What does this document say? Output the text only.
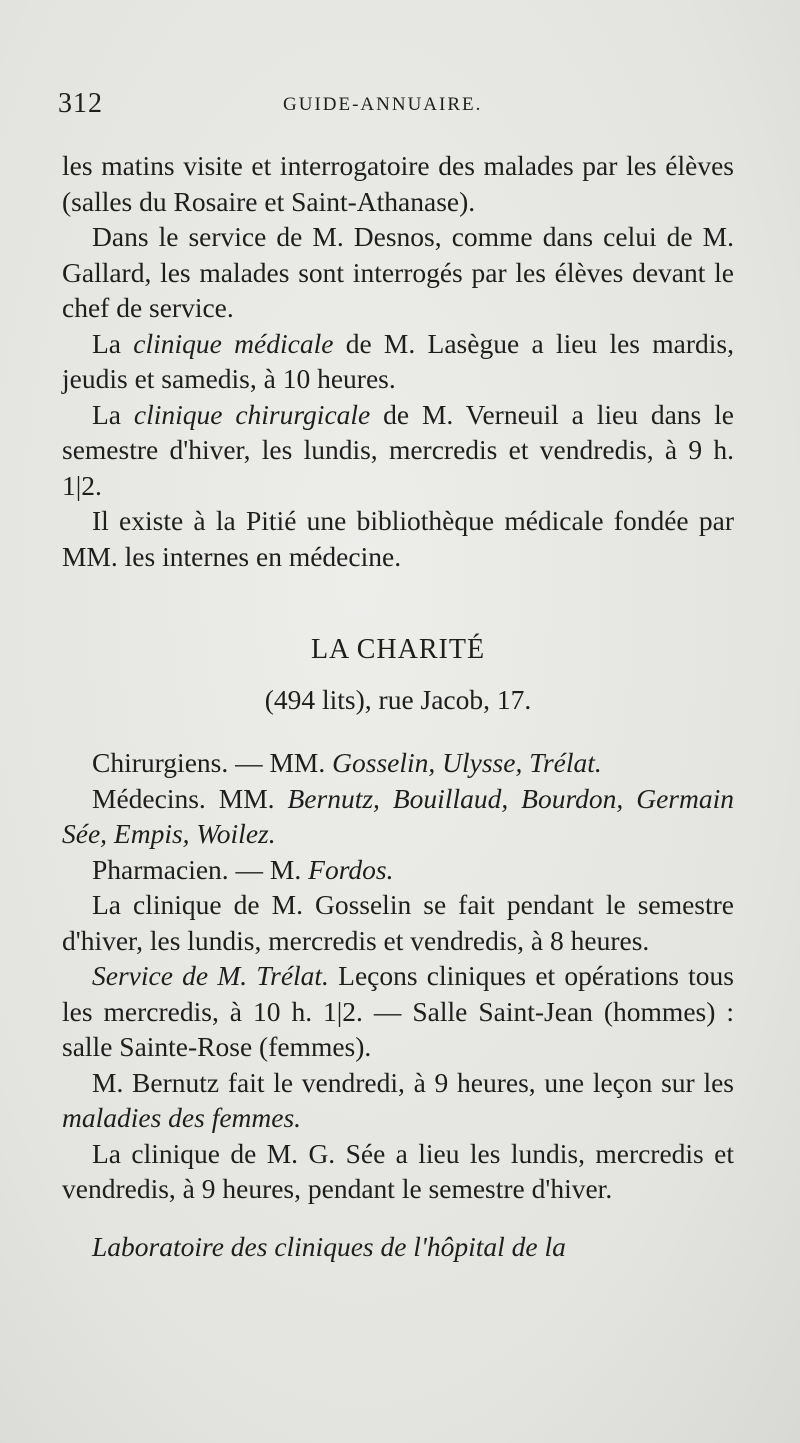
312	GUIDE-ANNUAIRE.

les matins visite et interrogatoire des malades par les élèves (salles du Rosaire et Saint-Athanase).

Dans le service de M. Desnos, comme dans celui de M. Gallard, les malades sont interrogés par les élèves devant le chef de service.

La clinique médicale de M. Lasègue a lieu les mardis, jeudis et samedis, à 10 heures.

La clinique chirurgicale de M. Verneuil a lieu dans le semestre d'hiver, les lundis, mercredis et vendredis, à 9 h. 1|2.

Il existe à la Pitié une bibliothèque médicale fondée par MM. les internes en médecine.

LA CHARITÉ
(494 lits), rue Jacob, 17.

Chirurgiens. — MM. Gosselin, Ulysse, Trélat.

Médecins. MM. Bernutz, Bouillaud, Bourdon, Germain Sée, Empis, Woilez.

Pharmacien. — M. Fordos.

La clinique de M. Gosselin se fait pendant le semestre d'hiver, les lundis, mercredis et vendredis, à 8 heures.

Service de M. Trélat. Leçons cliniques et opérations tous les mercredis, à 10 h. 1|2. — Salle Saint-Jean (hommes) : salle Sainte-Rose (femmes).

M. Bernutz fait le vendredi, à 9 heures, une leçon sur les maladies des femmes.

La clinique de M. G. Sée a lieu les lundis, mercredis et vendredis, à 9 heures, pendant le semestre d'hiver.

Laboratoire des cliniques de l'hôpital de la
